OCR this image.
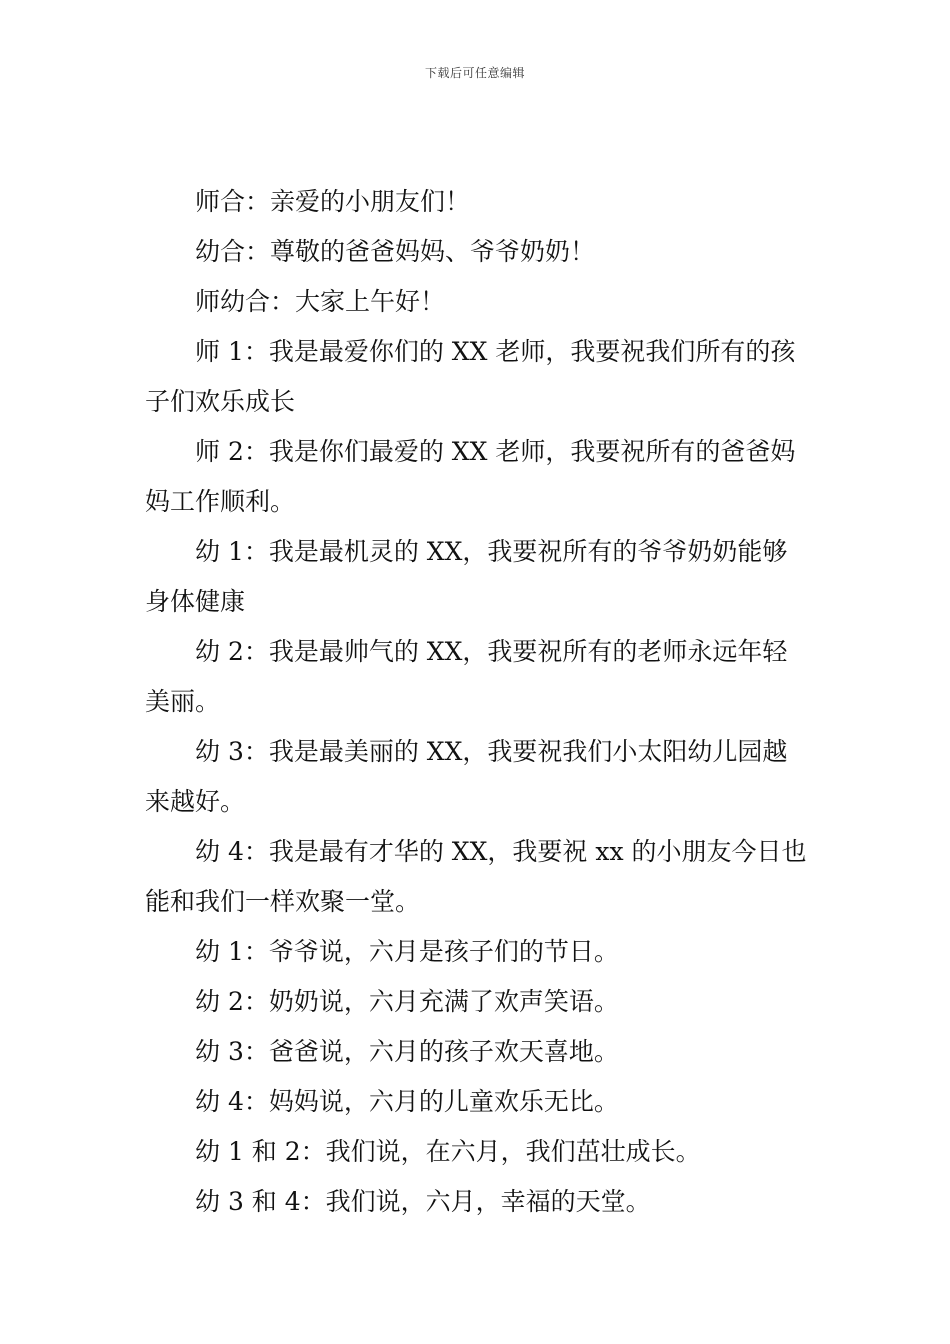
下载后可任意编辑

师合：亲爱的小朋友们！

幼合：尊敬的爸爸妈妈、爷爷奶奶！

师幼合：大家上午好！

师 1：我是最爱你们的 XX 老师，我要祝我们所有的孩子们欢乐成长

师 2：我是你们最爱的 XX 老师，我要祝所有的爸爸妈妈工作顺利。

幼 1：我是最机灵的 XX，我要祝所有的爷爷奶奶能够身体健康

幼 2：我是最帅气的 XX，我要祝所有的老师永远年轻美丽。

幼 3：我是最美丽的 XX，我要祝我们小太阳幼儿园越来越好。

幼 4：我是最有才华的 XX，我要祝 xx 的小朋友今日也能和我们一样欢聚一堂。

幼 1：爷爷说，六月是孩子们的节日。

幼 2：奶奶说，六月充满了欢声笑语。

幼 3：爸爸说，六月的孩子欢天喜地。

幼 4：妈妈说，六月的儿童欢乐无比。

幼 1 和 2：我们说，在六月，我们茁壮成长。

幼 3 和 4：我们说，六月，幸福的天堂。
